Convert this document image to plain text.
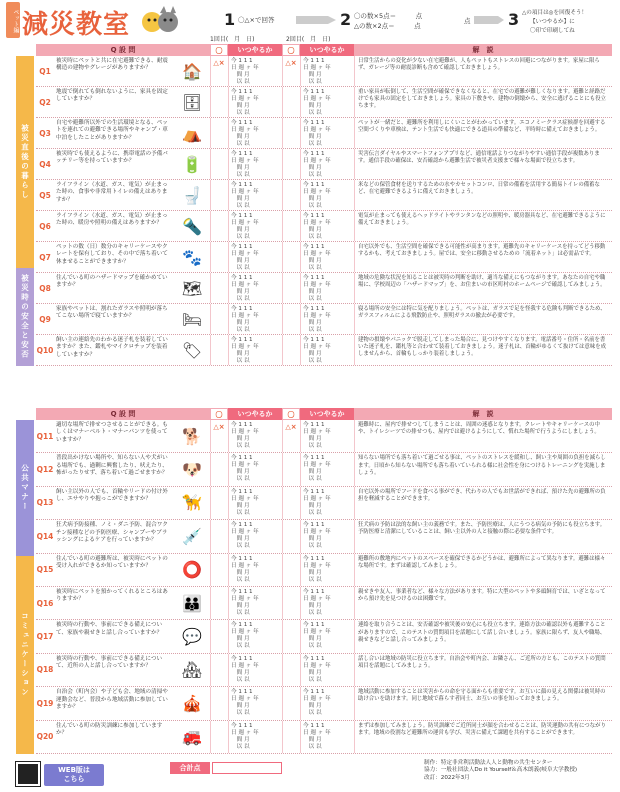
ペット編 減災教室	1 〇△×で回答	2 〇の数×5点＝　　　点
△の数×2点＝　　　点
点 3 △の項目は◎を回復そう！
【いつやるか】に
〇印で印刷してね
Q 設 問	〇△×
いつやるか	〇△×
いつやるか	解　説
1回目(　月　日)	2回目(　月　日)
被災直後の暮らし
被災時の安全と安否
Q1
被災時にペットと共に在宅避難できる、耐震構造の建物やグレージがありますか？	🏠
今 1 1 1
日 週 ヶ 年
　間 月
　以 以
今 1 1 1
日 週 ヶ 年
　間 月
　以 以
日常生活からの変化が少ない在宅避難が、人もペットもストレスの回避につながります。家屋に限らず、ガレージ等の耐震診断も含めて確認しておきましょう。
Q2
地震で倒れても倒れないように、家具を固定していますか？	🗄
今 1 1 1
日 週 ヶ 年
　間 月
　以 以
今 1 1 1
日 週 ヶ 年
　間 月
　以 以
重い家具が転倒して、生活空間が確保できなくなると、在宅での避難が難しくなります。避難と経路だけでも家具の固定をしておきましょう。家具の下敷きや、建物の倒壊から、安全に逃げることにも役立ちます。
Q3
自宅や避難所以外での生活環境となる、ペットを連れての避難できる場所やキャンプ・車中泊をしたことがありますか？	⛺
今 1 1 1
日 週 ヶ 年
　間 月
　以 以
今 1 1 1
日 週 ヶ 年
　間 月
　以 以
ペットが一緒だと、避難所を利用しにくいことがわかっています。エコノミークラス症候群を回避する空間づくりや車検は、テント生活でも快適にできる道具の準備など、平時時に備えておきましょう。
Q4
被災時でも使えるように、携帯電話の予備バッテリー等を持っていますか？	🔋
今 1 1 1
日 週 ヶ 年
　間 月
　以 以
今 1 1 1
日 週 ヶ 年
　間 月
　以 以
災害伝言ダイヤルやスマートフォンアプリなど、通信電話よりつながりやすい通信手段が複数あります。通信手段の確保は、安否確認から避難生活で被災者支援まで様々な場面で役立ちます。
Q5
ライフライン（水道、ガス、電気）が止まった時の、食事や非常用トイレの備えはありますか？	🚽
今 1 1 1
日 週 ヶ 年
　間 月
　以 以
今 1 1 1
日 週 ヶ 年
　間 月
　以 以
米などの保管食材を送りするための水やカセットコンロ、日常の備蓄を活用する簡易トイレの備蓄など、在宅避難できるように備えておきましょう。
Q6
ライフライン（水道、ガス、電気）が止まった時の、暖房や照明の備えはありますか？	🔦
今 1 1 1
日 週 ヶ 年
　間 月
　以 以
今 1 1 1
日 週 ヶ 年
　間 月
　以 以
電気が止まっても使えるヘッドライトやランタンなどの照明や、暖房器具など、在宅避難できるように備えておきましょう。
Q7
ペットの数（日）数分のキャリーケースやクレートを保有しており、その中で落ち着いて休ませることができますか？	🐾
今 1 1 1
日 週 ヶ 年
　間 月
　以 以
今 1 1 1
日 週 ヶ 年
　間 月
　以 以
自宅以外でも、生活空間を確保できる可能性が高まります。避難先のキャリーケースを持ってどう移動するかも、考えておきましょう。屋では、安全に移動させるための「流着ネット」は必需品です。
Q8
住んでいる町のハザードマップを確かめていますか？	🗺
今 1 1 1
日 週 ヶ 年
　間 月
　以 以
今 1 1 1
日 週 ヶ 年
　間 月
　以 以
地域の危険な状況を知ることは被災時の判断を助け、適当な備えにもつながります。あなたの自宅や職場に、学校周辺の「ハザードマップ」を、お住まいの市区町村のホームページで確認してみましょう。
Q9
家族やペットは、割れたガラスや照明が落ちてこない場所で寝ていますか？	🛏
今 1 1 1
日 週 ヶ 年
　間 月
　以 以
今 1 1 1
日 週 ヶ 年
　間 月
　以 以
寝る場所の安全には特に気を配りましょう。ペットは、ガラスで足を怪我する危険も判断できるため、ガラスフィルムによる飛散防止や、照明ガラスの撤去が必要です。
Q10
飼い主の連絡先のわかる迷子札を装着していますか？また、鑑札やマイクロチップを装着していますか？	🏷
今 1 1 1
日 週 ヶ 年
　間 月
　以 以
今 1 1 1
日 週 ヶ 年
　間 月
　以 以
建物の損壊やパニックで脱走してしまった場合に、見つけやすくなります。電話番号・住所・名前を書いた迷子札を、鑑札等と合わせて装着しておきましょう。迷子札は、首輪がゆるくて抜けては意味を成しませんから、首輪もしっかり装着しましょう。
Q 設 問	〇△×
いつやるか	〇△×
いつやるか	解　説
公共マナー
コミュニケーション
Q11
適切な場所で排せつさせることができる。もしくはマナーベルト・マナーパンツを使っていますか？	🐕
今 1 1 1
日 週 ヶ 年
　間 月
　以 以
今 1 1 1
日 週 ヶ 年
　間 月
　以 以
避難時に、屋内で排せつしてしまうことは、周囲の迷惑となります。クレートやキャリーケースの中や、トイレシーツでの排せつも、屋内では避けるようにして、慣れた場所で行うようにしましょう。
Q12
普段出かけない場所や、知らない人や犬がいる場所でも、過剰に興奮したり、吠えたり、怖がったりせず、落ち着いて過ごせますか？ 🐶
今 1 1 1
日 週 ヶ 年
　間 月
　以 以
今 1 1 1
日 週 ヶ 年
　間 月
　以 以
知らない場所でも落ち着いて過ごせる事は、ペットのストレスを緩和し、飼い主や周囲の負担を減らします。日頃から知らない場所でも落ち着いていられる様に社会性を身につけるトレーニングを実施しましょう。
Q13
飼い主以外の人でも、首輪やリードの付け外し、エサやりや抱っこができますか？	🦮
今 1 1 1
日 週 ヶ 年
　間 月
　以 以
今 1 1 1
日 週 ヶ 年
　間 月
　以 以
自宅以外の場所でフードを食べる事ができ、代わりの人でもお世話ができれば、預けた先の避難所の負担を軽減することができます。
Q14
狂犬病予防接種、ノミ・ダニ予防、混合ワクチン接種などの予防医療、シャンプーやブラッシングによるケアを行っていますか？	💉
今 1 1 1
日 週 ヶ 年
　間 月
　以 以
今 1 1 1
日 週 ヶ 年
　間 月
　以 以
狂犬病の予防は法的な飼い主の義務です。また、予防医療は、人にうつる病気の予防にも役立ちます。予防医療と清潔にしていることは、飼い主以外の人と接触の際に必要な条件です。
Q15
住んでいる町の避難所は、被災時にペットの受け入れができるか知っていますか？	⭕
今 1 1 1
日 週 ヶ 年
　間 月
　以 以
今 1 1 1
日 週 ヶ 年
　間 月
　以 以
避難所の敷地内にペットのスペースを確保できるかどうかは、避難所によって異なります。避難は様々な場所です。まずは確認してみましょう。
Q16
被災時にペットを預かってくれるところはありますか？	👪
今 1 1 1
日 週 ヶ 年
　間 月
　以 以
今 1 1 1
日 週 ヶ 年
　間 月
　以 以
親せきや友人、事業者など、様々な方法があります。特に大型のペットや多頭飼育では、いざとなってから預け先を見つけるのは困難です。
Q17
被災時の行動や、事前にできる備えについて、家族や親せきと話し合っていますか？	💬
今 1 1 1
日 週 ヶ 年
　間 月
　以 以
今 1 1 1
日 週 ヶ 年
　間 月
　以 以
連絡を取り合うことは、安否確認や被災後の安心にも役立ちます。連絡方法の確認以外も避難することがありますので、このテストの質問項目を話題にして話し合いましょう。家族に限らず、友人や職場、親せきなどと話し合ってみましょう。
Q18
被災時の行動や、事前にできる備えについて、近所の人と話し合っていますか？	🏘
今 1 1 1
日 週 ヶ 年
　間 月
　以 以
今 1 1 1
日 週 ヶ 年
　間 月
　以 以
話し合いは地域の防災に役立ちます。自治会や町内会、お隣さん、ご近所の方とも、このテストの質問項目を話題にしてみましょう。
Q19
自治会（町内会）や子ども会、地域の清掃や運動会など、普段から地域活動に参加していますか？	🎪
今 1 1 1
日 週 ヶ 年
　間 月
　以 以
今 1 1 1
日 週 ヶ 年
　間 月
　以 以
地域活動に参加することは災害からの命を守る面からも重要です。お互いに顔の見える関係は被災時の助け合いを助けます。同じ地域で暮らす者同士、お互いの事を知っておきましょう。
Q20
住んでいる町の防災訓練に参加していますか？	🚒
今 1 1 1
日 週 ヶ 年
　間 月
　以 以
今 1 1 1
日 週 ヶ 年
　間 月
　以 以
まずは参加してみましょう。防災訓練でご近所同士が顔を合わせることは、防災運動の共有につながります。地域の役割など避難所の運営も学び、災害に備えて課題を共有することができます。
WEB版は
こちら
合計点
制作：特定非営利活動法人人と動物の共生センター
協力：一般社団法人Do it Yourself＆高木朗義(岐阜大学教授)
改訂：2022年3月
